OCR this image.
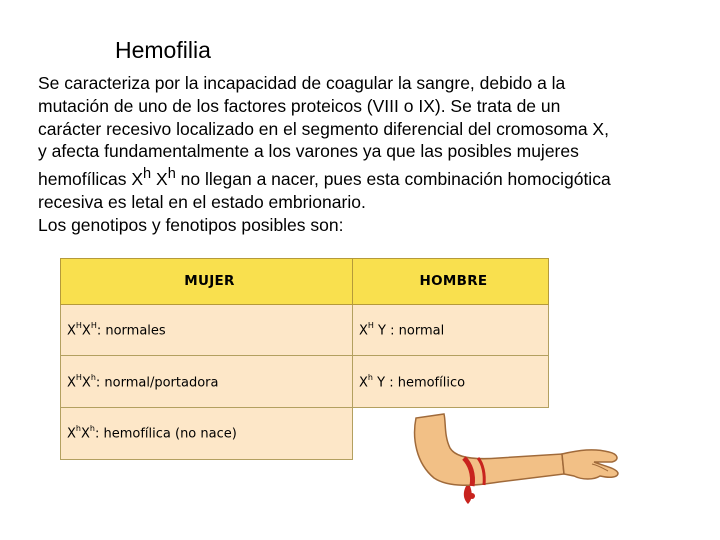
Hemofilia
Se caracteriza por la incapacidad de coagular la sangre, debido a la
mutación de uno de los factores proteicos (VIII o IX). Se trata de un
carácter recesivo localizado en el segmento diferencial del cromosoma X,
y afecta fundamentalmente a los varones ya que las posibles mujeres
hemofílicas $X^h$ $X^h$ no llegan a nacer, pues esta combinación homocigótica
recesiva es letal en el estado embrionario.
Los genotipos y fenotipos posibles son:
MUJER	HOMBRE
$X^HX^H$: normales	$X^H$ Y : normal
$X^HX^h$: normal/portadora	$X^h$ Y : hemofílico
$X^hX^h$: hemofílica (no nace)	
